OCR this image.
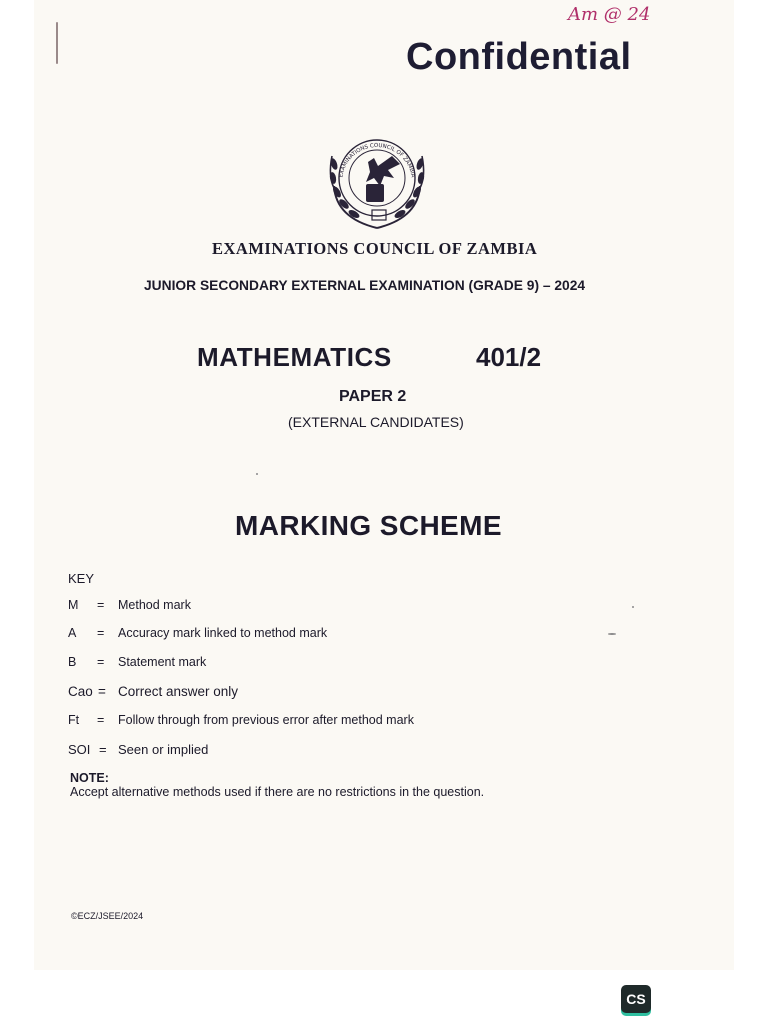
Am @ 24
Confidential
EXAMINATIONS COUNCIL OF ZAMBIA
EXAMINATIONS COUNCIL OF ZAMBIA
JUNIOR SECONDARY EXTERNAL EXAMINATION (GRADE 9) – 2024
MATHEMATICS	401/2
PAPER 2
(EXTERNAL CANDIDATES)
MARKING SCHEME
KEY
M = Method mark
A = Accuracy mark linked to method mark
B = Statement mark
Cao = Correct answer only
Ft = Follow through from previous error after method mark
SOI = Seen or implied
NOTE:
Accept alternative methods used if there are no restrictions in the question.
©ECZ/JSEE/2024
CS
